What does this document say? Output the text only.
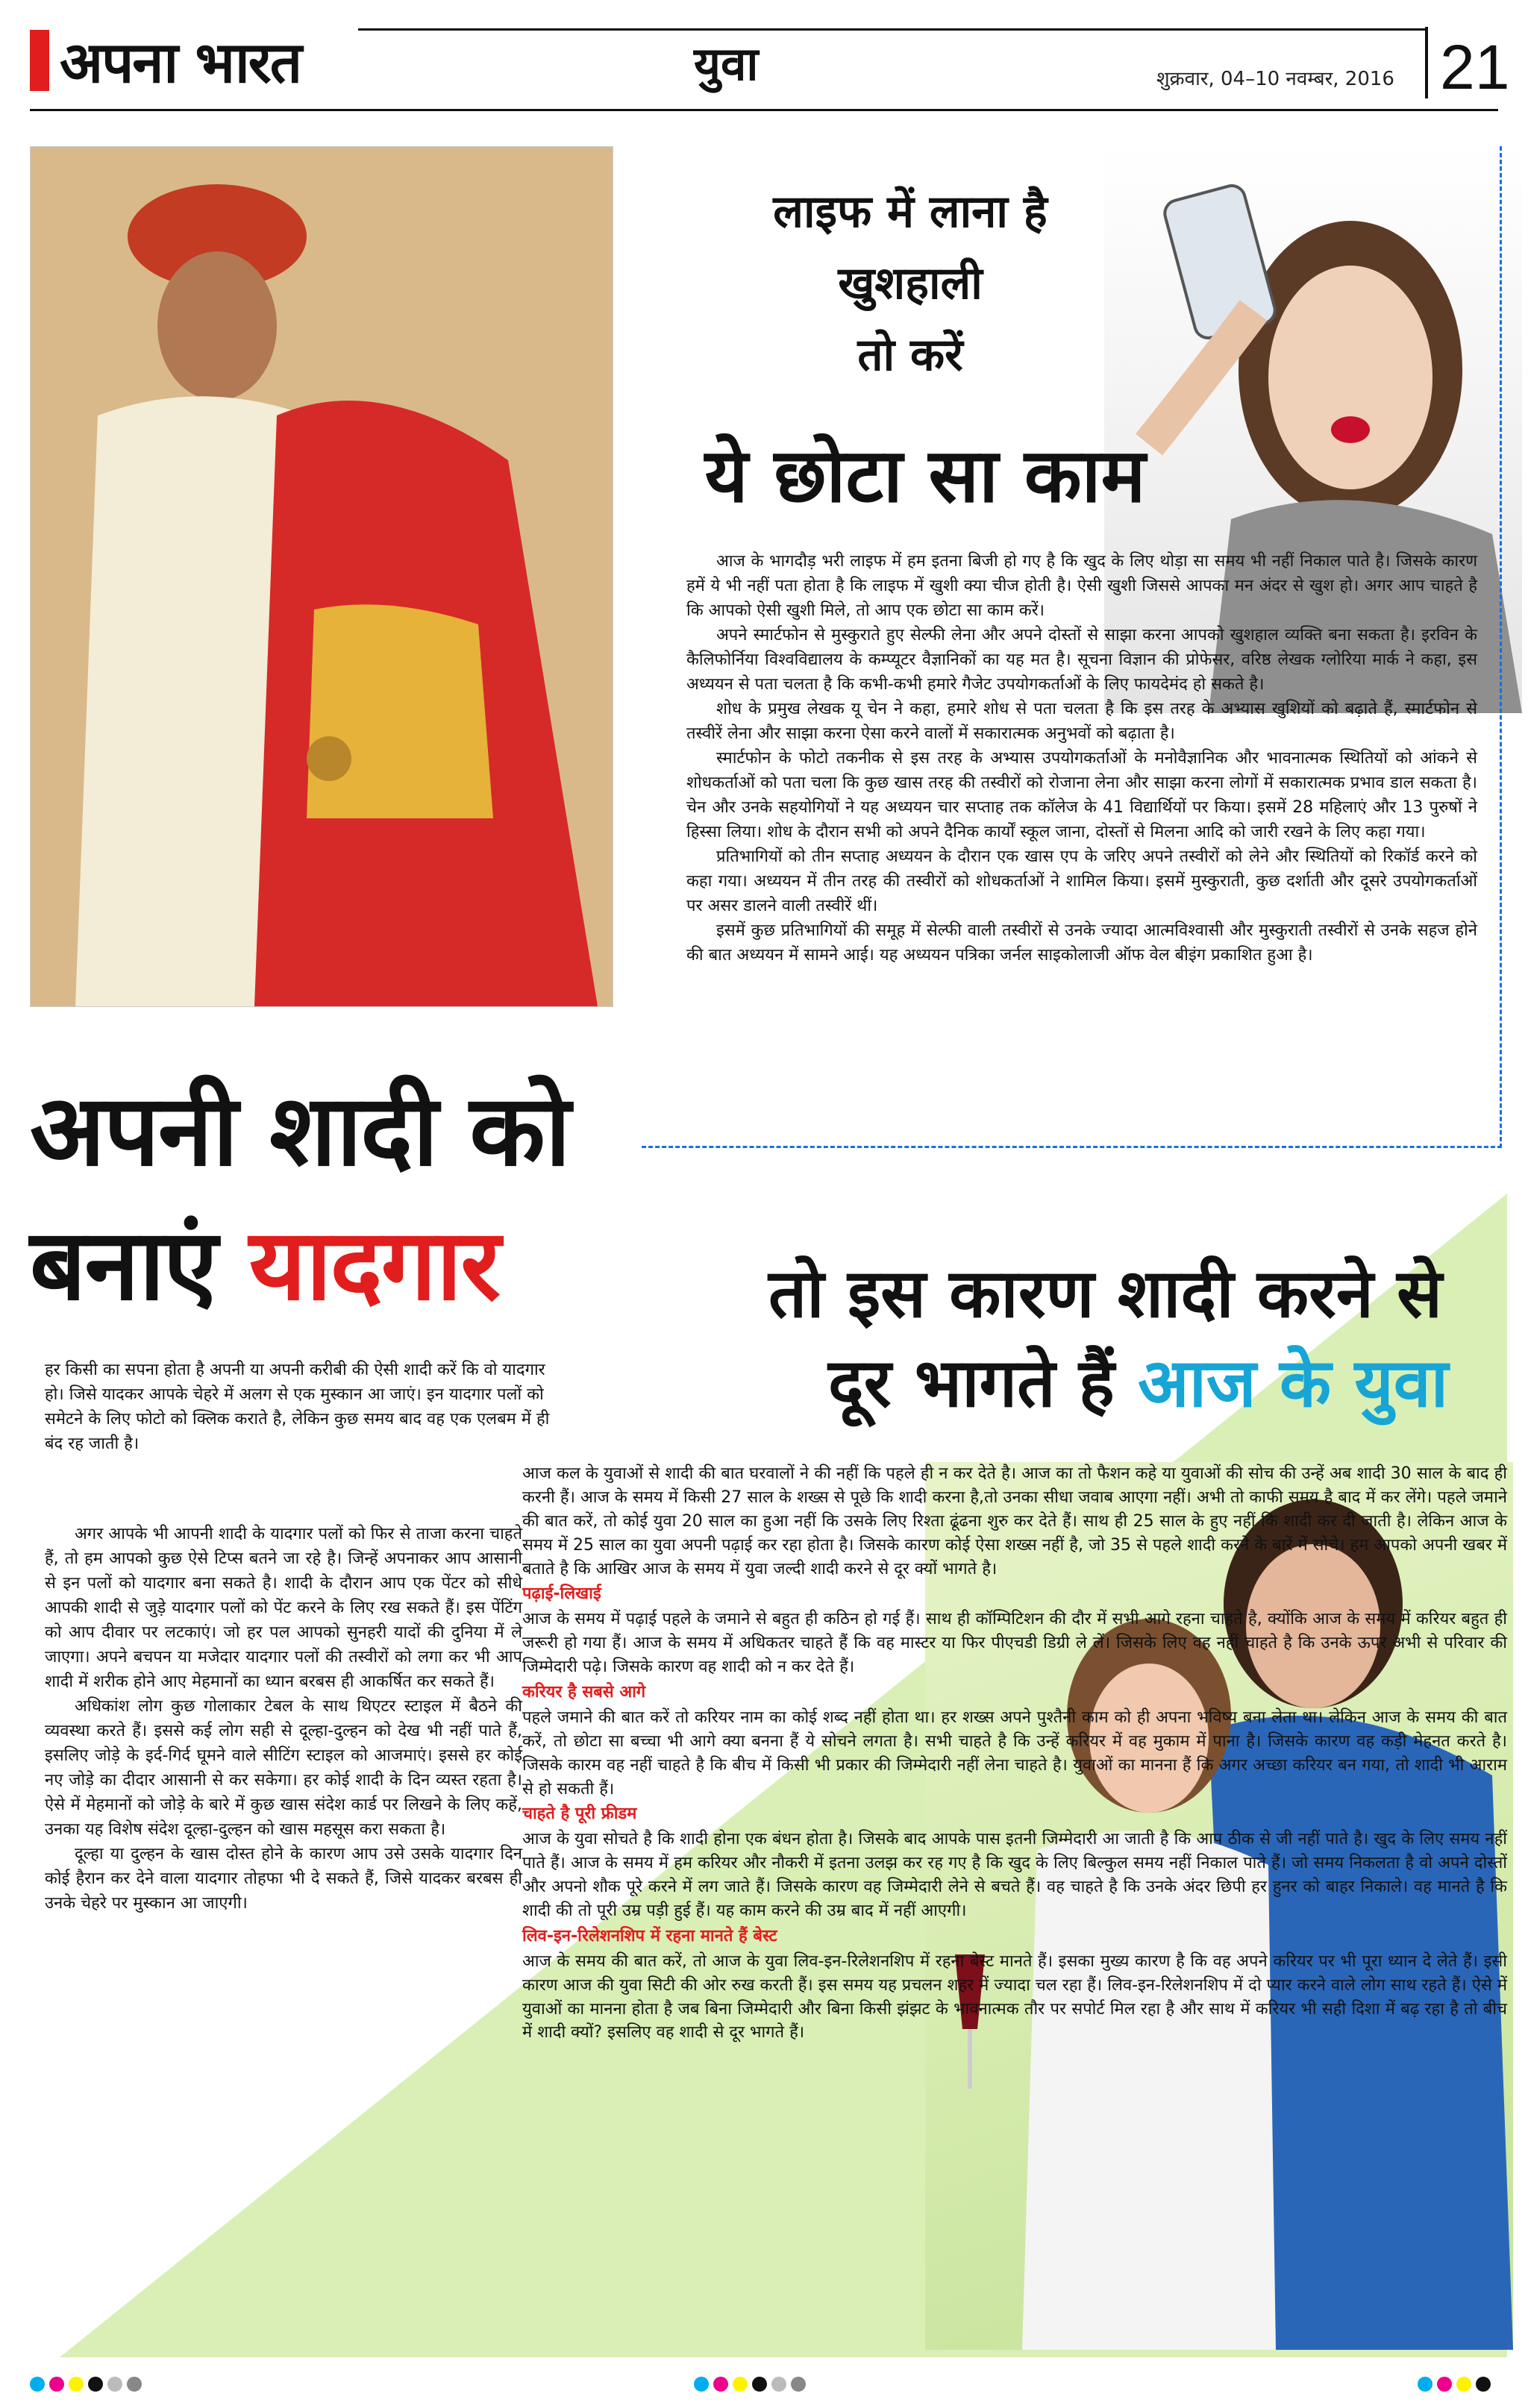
अपना भारत	युवा	शुक्रवार, 04–10 नवम्बर, 2016 21
लाइफ में लाना है
खुशहाली
तो करें
ये छोटा सा काम

आज के भागदौड़ भरी लाइफ में हम इतना बिजी हो गए है कि खुद के लिए थोड़ा सा समय भी नहीं निकाल पाते है। जिसके कारण हमें ये भी नहीं पता होता है कि लाइफ में खुशी क्या चीज होती है। ऐसी खुशी जिससे आपका मन अंदर से खुश हो। अगर आप चाहते है कि आपको ऐसी खुशी मिले, तो आप एक छोटा सा काम करें।

अपने स्मार्टफोन से मुस्कुराते हुए सेल्फी लेना और अपने दोस्तों से साझा करना आपको खुशहाल व्यक्ति बना सकता है। इरविन के कैलिफोर्निया विश्वविद्यालय के कम्प्यूटर वैज्ञानिकों का यह मत है। सूचना विज्ञान की प्रोफेसर, वरिष्ठ लेखक ग्लोरिया मार्क ने कहा, इस अध्ययन से पता चलता है कि कभी-कभी हमारे गैजेट उपयोगकर्ताओं के लिए फायदेमंद हो सकते है।

शोध के प्रमुख लेखक यू चेन ने कहा, हमारे शोध से पता चलता है कि इस तरह के अभ्यास खुशियों को बढ़ाते हैं, स्मार्टफोन से तस्वीरें लेना और साझा करना ऐसा करने वालों में सकारात्मक अनुभवों को बढ़ाता है।

स्मार्टफोन के फोटो तकनीक से इस तरह के अभ्यास उपयोगकर्ताओं के मनोवैज्ञानिक और भावनात्मक स्थितियों को आंकने से शोधकर्ताओं को पता चला कि कुछ खास तरह की तस्वीरों को रोजाना लेना और साझा करना लोगों में सकारात्मक प्रभाव डाल सकता है। चेन और उनके सहयोगियों ने यह अध्ययन चार सप्ताह तक कॉलेज के 41 विद्यार्थियों पर किया। इसमें 28 महिलाएं और 13 पुरुषों ने हिस्सा लिया। शोध के दौरान सभी को अपने दैनिक कार्यों स्कूल जाना, दोस्तों से मिलना आदि को जारी रखने के लिए कहा गया।

प्रतिभागियों को तीन सप्ताह अध्ययन के दौरान एक खास एप के जरिए अपने तस्वीरों को लेने और स्थितियों को रिकॉर्ड करने को कहा गया। अध्ययन में तीन तरह की तस्वीरों को शोधकर्ताओं ने शामिल किया। इसमें मुस्कुराती, कुछ दर्शाती और दूसरे उपयोगकर्ताओं पर असर डालने वाली तस्वीरें थीं।

इसमें कुछ प्रतिभागियों की समूह में सेल्फी वाली तस्वीरों से उनके ज्यादा आत्मविश्वासी और मुस्कुराती तस्वीरों से उनके सहज होने की बात अध्ययन में सामने आई। यह अध्ययन पत्रिका जर्नल साइकोलाजी ऑफ वेल बीइंग प्रकाशित हुआ है।

अपनी शादी को
बनाएं यादगार
हर किसी का सपना होता है अपनी या अपनी करीबी की ऐसी शादी करें कि वो यादगार हो। जिसे यादकर आपके चेहरे में अलग से एक मुस्कान आ जाएं। इन यादगार पलों को समेटने के लिए फोटो को क्लिक कराते है, लेकिन कुछ समय बाद वह एक एलबम में ही बंद रह जाती है।

अगर आपके भी आपनी शादी के यादगार पलों को फिर से ताजा करना चाहते हैं, तो हम आपको कुछ ऐसे टिप्स बतने जा रहे है। जिन्हें अपनाकर आप आसानी से इन पलों को यादगार बना सकते है। शादी के दौरान आप एक पेंटर को सीधे आपकी शादी से जुड़े यादगार पलों को पेंट करने के लिए रख सकते हैं। इस पेंटिंग को आप दीवार पर लटकाएं। जो हर पल आपको सुनहरी यादों की दुनिया में ले जाएगा। अपने बचपन या मजेदार यादगार पलों की तस्वीरों को लगा कर भी आप शादी में शरीक होने आए मेहमानों का ध्यान बरबस ही आकर्षित कर सकते हैं।

अधिकांश लोग कुछ गोलाकार टेबल के साथ थिएटर स्टाइल में बैठने की व्यवस्था करते हैं। इससे कई लोग सही से दूल्हा-दुल्हन को देख भी नहीं पाते हैं, इसलिए जोड़े के इर्द-गिर्द घूमने वाले सीटिंग स्टाइल को आजमाएं। इससे हर कोई नए जोड़े का दीदार आसानी से कर सकेगा। हर कोई शादी के दिन व्यस्त रहता है। ऐसे में मेहमानों को जोड़े के बारे में कुछ खास संदेश कार्ड पर लिखने के लिए कहें, उनका यह विशेष संदेश दूल्हा-दुल्हन को खास महसूस करा सकता है।

दूल्हा या दुल्हन के खास दोस्त होने के कारण आप उसे उसके यादगार दिन कोई हैरान कर देने वाला यादगार तोहफा भी दे सकते हैं, जिसे यादकर बरबस ही उनके चेहरे पर मुस्कान आ जाएगी।

तो इस कारण शादी करने से
दूर भागते हैं आज के युवा

आज कल के युवाओं से शादी की बात घरवालों ने की नहीं कि पहले ही न कर देते है। आज का तो फैशन कहे या युवाओं की सोच की उन्हें अब शादी 30 साल के बाद ही करनी हैं। आज के समय में किसी 27 साल के शख्स से पूछे कि शादी करना है,तो उनका सीधा जवाब आएगा नहीं। अभी तो काफी समय है बाद में कर लेंगे। पहले जमाने की बात करें, तो कोई युवा 20 साल का हुआ नहीं कि उसके लिए रिश्ता ढूंढना शुरु कर देते हैं। साथ ही 25 साल के हुए नहीं कि शादी कर दी जाती है। लेकिन आज के समय में 25 साल का युवा अपनी पढ़ाई कर रहा होता है। जिसके कारण कोई ऐसा शख्स नहीं है, जो 35 से पहले शादी करने के बारें में सोचे। हम आपको अपनी खबर में बताते है कि आखिर आज के समय में युवा जल्दी शादी करने से दूर क्यों भागते है।

पढ़ाई-लिखाई

आज के समय में पढ़ाई पहले के जमाने से बहुत ही कठिन हो गई हैं। साथ ही कॉम्पिटिशन की दौर में सभी आगे रहना चाहते है, क्योंकि आज के समय में करियर बहुत ही जरूरी हो गया हैं। आज के समय में अधिकतर चाहते हैं कि वह मास्टर या फिर पीएचडी डिग्री ले लें। जिसके लिए वह नहीं चाहते है कि उनके ऊपर अभी से परिवार की जिम्मेदारी पढ़े। जिसके कारण वह शादी को न कर देते हैं।

करियर है सबसे आगे

पहले जमाने की बात करें तो करियर नाम का कोई शब्द नहीं होता था। हर शख्स अपने पुश्तैनी काम को ही अपना भविष्य बना लेता था। लेकिन आज के समय की बात करें, तो छोटा सा बच्चा भी आगे क्या बनना हैं ये सोचने लगता है। सभी चाहते है कि उन्हें करियर में वह मुकाम में पाना है। जिसके कारण वह कड़ी मेहनत करते है। जिसके कारम वह नहीं चाहते है कि बीच में किसी भी प्रकार की जिम्मेदारी नहीं लेना चाहते है। युवाओं का मानना हैं कि अगर अच्छा करियर बन गया, तो शादी भी आराम से हो सकती हैं।

चाहते है पूरी फ्रीडम

आज के युवा सोचते है कि शादी होना एक बंधन होता है। जिसके बाद आपके पास इतनी जिम्मेदारी आ जाती है कि आप ठीक से जी नहीं पाते है। खुद के लिए समय नहीं पाते हैं। आज के समय में हम करियर और नौकरी में इतना उलझ कर रह गए है कि खुद के लिए बिल्कुल समय नहीं निकाल पाते हैं। जो समय निकलता है वो अपने दोस्तों और अपनो शौक पूरे करने में लग जाते हैं। जिसके कारण वह जिम्मेदारी लेने से बचते हैं। वह चाहते है कि उनके अंदर छिपी हर हुनर को बाहर निकाले। वह मानते है कि शादी की तो पूरी उम्र पड़ी हुई हैं। यह काम करने की उम्र बाद में नहीं आएगी।

लिव-इन-रिलेशनशिप में रहना मानते हैं बेस्ट

आज के समय की बात करें, तो आज के युवा लिव-इन-रिलेशनशिप में रहना बेस्ट मानते हैं। इसका मुख्य कारण है कि वह अपने करियर पर भी पूरा ध्यान दे लेते हैं। इसी कारण आज की युवा सिटी की ओर रुख करती हैं। इस समय यह प्रचलन शहर में ज्यादा चल रहा हैं। लिव-इन-रिलेशनशिप में दो प्यार करने वाले लोग साथ रहते हैं। ऐसे में युवाओं का मानना होता है जब बिना जिम्मेदारी और बिना किसी झंझट के भावनात्मक तौर पर सपोर्ट मिल रहा है और साथ में करियर भी सही दिशा में बढ़ रहा है तो बीच में शादी क्यों? इसलिए वह शादी से दूर भागते हैं।
